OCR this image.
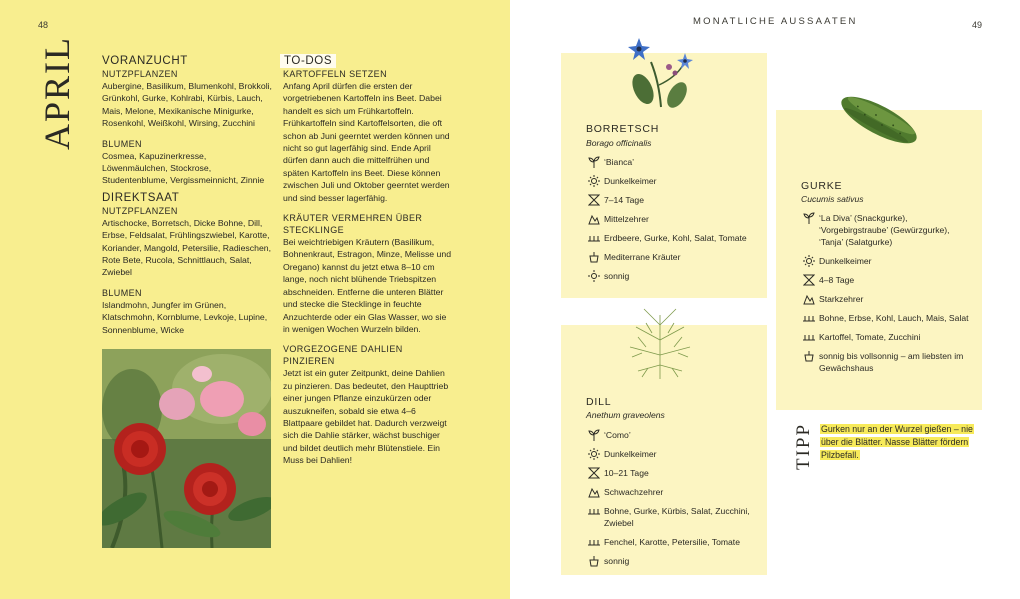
48
APRIL VORANZUCHT
NUTZPFLANZEN
Aubergine, Basilikum, Blumenkohl, Brokkoli, Grünkohl, Gurke, Kohlrabi, Kürbis, Lauch, Mais, Melone, Mexikanische Minigurke, Rosenkohl, Weißkohl, Wirsing, Zucchini
BLUMEN
Cosmea, Kapuzinerkresse, Löwenmäulchen, Stockrose, Studentenblume, Vergissmeinnicht, Zinnie
DIREKTSAAT
NUTZPFLANZEN
Artischocke, Borretsch, Dicke Bohne, Dill, Erbse, Feldsalat, Frühlingszwiebel, Karotte, Koriander, Mangold, Petersilie, Radieschen, Rote Bete, Rucola, Schnittlauch, Salat, Zwiebel
BLUMEN
Islandmohn, Jungfer im Grünen, Klatschmohn, Kornblume, Levkoje, Lupine, Sonnenblume, Wicke
TO-DOS
KARTOFFELN SETZEN
Anfang April dürfen die ersten der vorgetriebenen Kartoffeln ins Beet. Dabei handelt es sich um Frühkartoffeln. Frühkartoffeln sind Kartoffelsorten, die oft schon ab Juni geerntet werden können und nicht so gut lagerfähig sind. Ende April dürfen dann auch die mittelfrühen und späten Kartoffeln ins Beet. Diese können zwischen Juli und Oktober geerntet werden und sind besser lagerfähig.
KRÄUTER VERMEHREN ÜBER STECKLINGE
Bei weichtriebigen Kräutern (Basilikum, Bohnenkraut, Estragon, Minze, Melisse und Oregano) kannst du jetzt etwa 8–10 cm lange, noch nicht blühende Triebspitzen abschneiden. Entferne die unteren Blätter und stecke die Stecklinge in feuchte Anzuchterde oder ein Glas Wasser, wo sie in wenigen Wochen Wurzeln bilden.
VORGEZOGENE DAHLIEN PINZIEREN
Jetzt ist ein guter Zeitpunkt, deine Dahlien zu pinzieren. Das bedeutet, den Haupttrieb einer jungen Pflanze einzukürzen oder auszukneifen, sobald sie etwa 4–6 Blattpaare gebildet hat. Dadurch verzweigt sich die Dahlie stärker, wächst buschiger und bildet deutlich mehr Blütenstiele. Ein Muss bei Dahlien!
MONATLICHE AUSSAATEN	49
BORRETSCH
Borago officinalis
‘Bianca’
Dunkelkeimer
7–14 Tage
Mittelzehrer
Erdbeere, Gurke, Kohl, Salat, Tomate
Mediterrane Kräuter
sonnig
DILL
Anethum graveolens
‘Como’
Dunkelkeimer
10–21 Tage
Schwachzehrer
Bohne, Gurke, Kürbis, Salat, Zucchini, Zwiebel
Fenchel, Karotte, Petersilie, Tomate
sonnig
GURKE
Cucumis sativus
‘La Diva’ (Snackgurke), ‘Vorgebirgstraube’ (Gewürzgurke), ‘Tanja’ (Salatgurke)
Dunkelkeimer
4–8 Tage
Starkzehrer
Bohne, Erbse, Kohl, Lauch, Mais, Salat
Kartoffel, Tomate, Zucchini
sonnig bis vollsonnig – am liebsten im Gewächshaus
TIPP Gurken nur an der Wurzel gießen – nie über die Blätter. Nasse Blätter fördern Pilzbefall.
